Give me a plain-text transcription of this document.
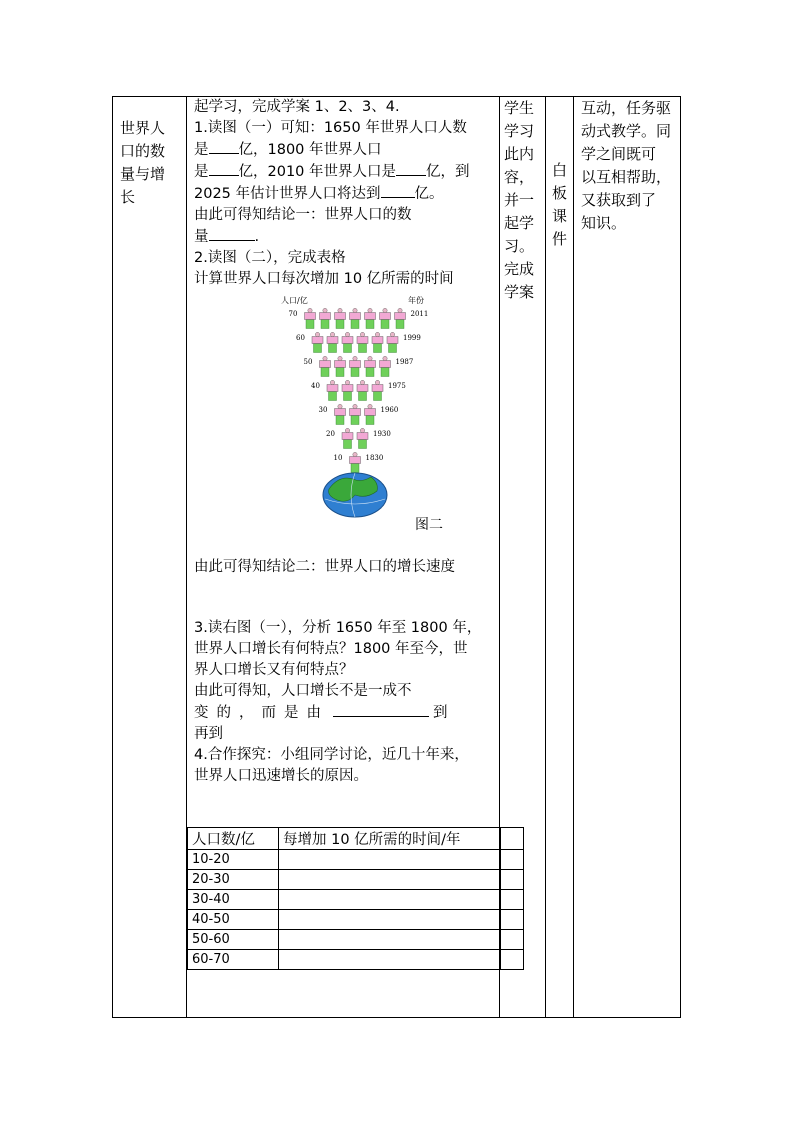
世界人
口的数
量与增
长
起学习，完成学案 1、2、3、4.
1.读图（一）可知：1650 年世界人口人数
是 亿，1800 年世界人口
是 亿，2010 年世界人口是 亿，到
2025 年估计世界人口将达到 亿。
由此可得知结论一：世界人口的数
量	.
2.读图（二），完成表格
计算世界人口每次增加 10 亿所需的时间
人口/亿	年份
70	2011
60	1999
50	1987
40	1975
30	1960
20	1930
10	1830
图二
由此可得知结论二：世界人口的增长速度
3.读右图（一），分析 1650 年至 1800 年，
世界人口增长有何特点？1800 年至今，世
界人口增长又有何特点？
由此可得知，人口增长不是一成不
变的，而是由	到
再到
4.合作探究：小组同学讨论，近几十年来，
世界人口迅速增长的原因。
人口数/亿	每增加 10 亿所需的时间/年	
10-20		
20-30		
30-40		
40-50		
50-60		
60-70		
学生
学习
此内
容，
并一
起学
习。
完成
学案
白
板
课
件
互动，任务驱
动式教学。同
学之间既可
以互相帮助，
又获取到了
知识。
